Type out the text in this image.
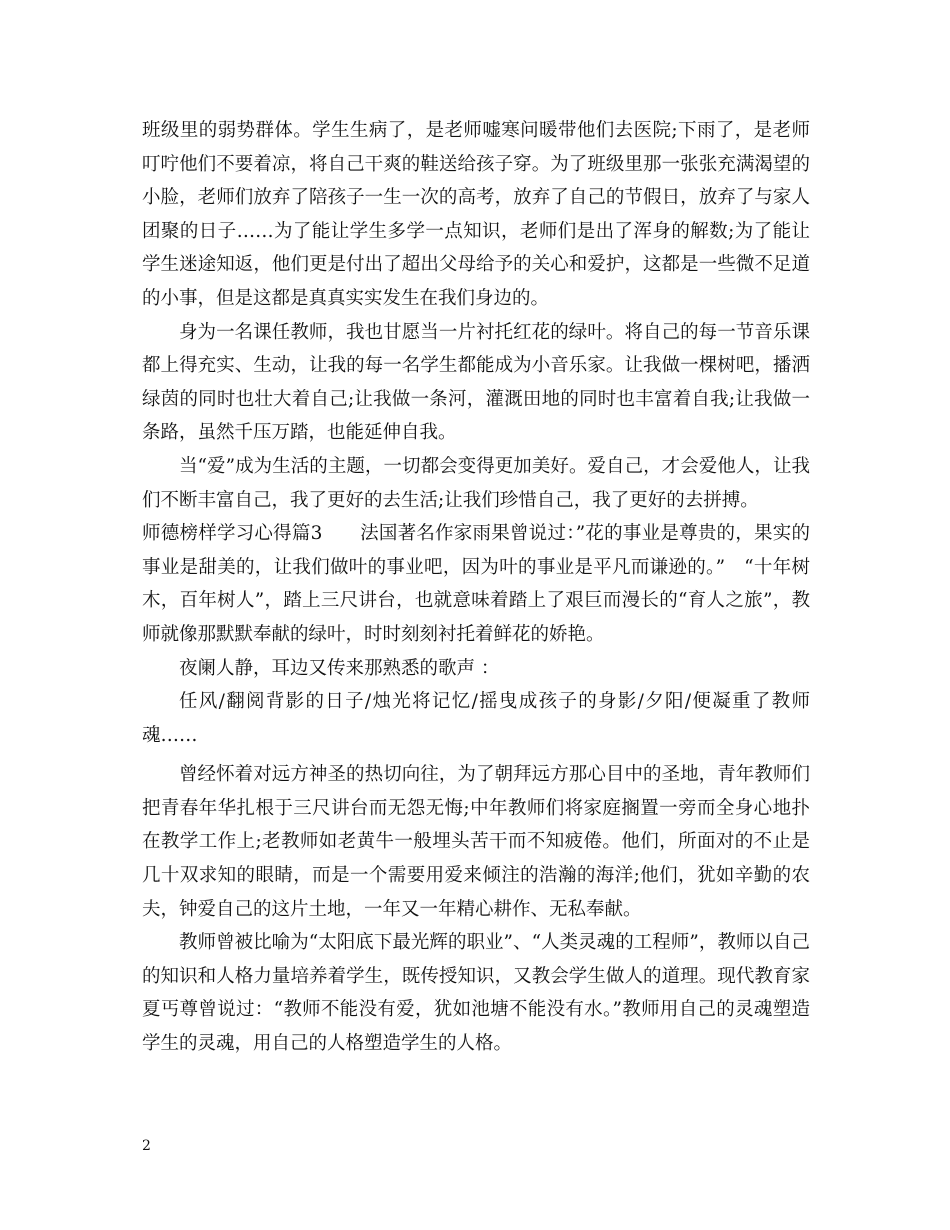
班级里的弱势群体。学生生病了，是老师嘘寒问暖带他们去医院;下雨了，是老师叮咛他们不要着凉，将自己干爽的鞋送给孩子穿。为了班级里那一张张充满渴望的小脸，老师们放弃了陪孩子一生一次的高考，放弃了自己的节假日，放弃了与家人团聚的日子……为了能让学生多学一点知识，老师们是出了浑身的解数;为了能让学生迷途知返，他们更是付出了超出父母给予的关心和爱护，这都是一些微不足道的小事，但是这都是真真实实发生在我们身边的。

身为一名课任教师，我也甘愿当一片衬托红花的绿叶。将自己的每一节音乐课都上得充实、生动，让我的每一名学生都能成为小音乐家。让我做一棵树吧，播洒绿茵的同时也壮大着自己;让我做一条河，灌溉田地的同时也丰富着自我;让我做一条路，虽然千压万踏，也能延伸自我。

当“爱”成为生活的主题，一切都会变得更加美好。爱自己，才会爱他人，让我们不断丰富自己，我了更好的去生活;让我们珍惜自己，我了更好的去拼搏。

师德榜样学习心得篇3　　法国著名作家雨果曾说过：”花的事业是尊贵的，果实的事业是甜美的，让我们做叶的事业吧，因为叶的事业是平凡而谦逊的。”　“十年树木，百年树人”，踏上三尺讲台，也就意味着踏上了艰巨而漫长的“育人之旅”，教师就像那默默奉献的绿叶，时时刻刻衬托着鲜花的娇艳。

夜阑人静，耳边又传来那熟悉的歌声 ：

任风/翻阅背影的日子/烛光将记忆/摇曳成孩子的身影/夕阳/便凝重了教师魂……

曾经怀着对远方神圣的热切向往，为了朝拜远方那心目中的圣地，青年教师们把青春年华扎根于三尺讲台而无怨无悔;中年教师们将家庭搁置一旁而全身心地扑在教学工作上;老教师如老黄牛一般埋头苦干而不知疲倦。他们，所面对的不止是几十双求知的眼睛，而是一个需要用爱来倾注的浩瀚的海洋;他们，犹如辛勤的农夫，钟爱自己的这片土地，一年又一年精心耕作、无私奉献。

教师曾被比喻为“太阳底下最光辉的职业”、“人类灵魂的工程师”，教师以自己的知识和人格力量培养着学生，既传授知识，又教会学生做人的道理。现代教育家夏丐尊曾说过：“教师不能没有爱，犹如池塘不能没有水。”教师用自己的灵魂塑造学生的灵魂，用自己的人格塑造学生的人格。

2
